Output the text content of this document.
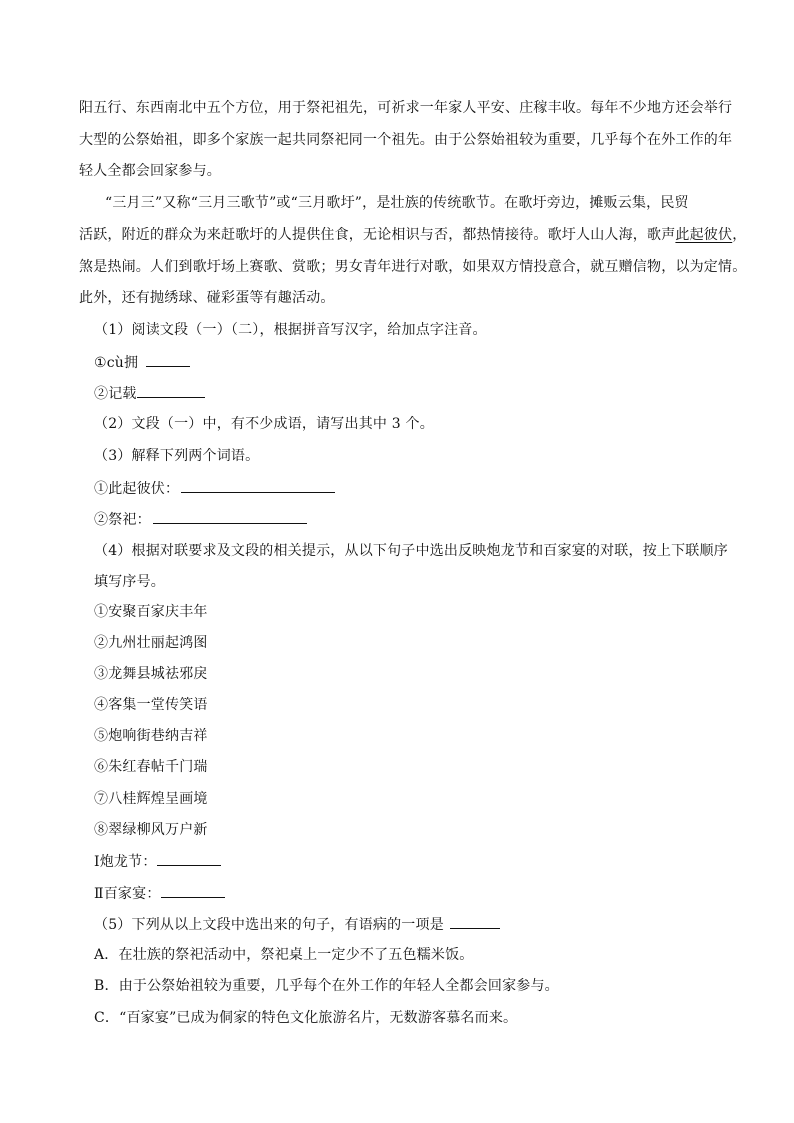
阳五行、东西南北中五个方位，用于祭祀祖先，可祈求一年家人平安、庄稼丰收。每年不少地方还会举行
大型的公祭始祖，即多个家族一起共同祭祀同一个祖先。由于公祭始祖较为重要，几乎每个在外工作的年
轻人全都会回家参与。
“三月三”又称“三月三歌节”或“三月歌圩”，是壮族的传统歌节。在歌圩旁边，摊贩云集，民贸
活跃，附近的群众为来赶歌圩的人提供住食，无论相识与否，都热情接待。歌圩人山人海，歌声此起彼伏，
煞是热闹。人们到歌圩场上赛歌、赏歌；男女青年进行对歌，如果双方情投意合，就互赠信物，以为定情。
此外，还有抛绣球、碰彩蛋等有趣活动。
（1）阅读文段（一）（二），根据拼音写汉字，给加点字注音。
①cù拥
②记载
（2）文段（一）中，有不少成语，请写出其中 3 个。
（3）解释下列两个词语。
①此起彼伏：
②祭祀：
（4）根据对联要求及文段的相关提示，从以下句子中选出反映炮龙节和百家宴的对联，按上下联顺序
填写序号。
①安聚百家庆丰年
②九州壮丽起鸿图
③龙舞县城祛邪戾
④客集一堂传笑语
⑤炮响街巷纳吉祥
⑥朱红春帖千门瑞
⑦八桂辉煌呈画境
⑧翠绿柳风万户新
Ⅰ炮龙节：
Ⅱ百家宴：
（5）下列从以上文段中选出来的句子，有语病的一项是
A．在壮族的祭祀活动中，祭祀桌上一定少不了五色糯米饭。
B．由于公祭始祖较为重要，几乎每个在外工作的年轻人全都会回家参与。
C．“百家宴”已成为侗家的特色文化旅游名片，无数游客慕名而来。
